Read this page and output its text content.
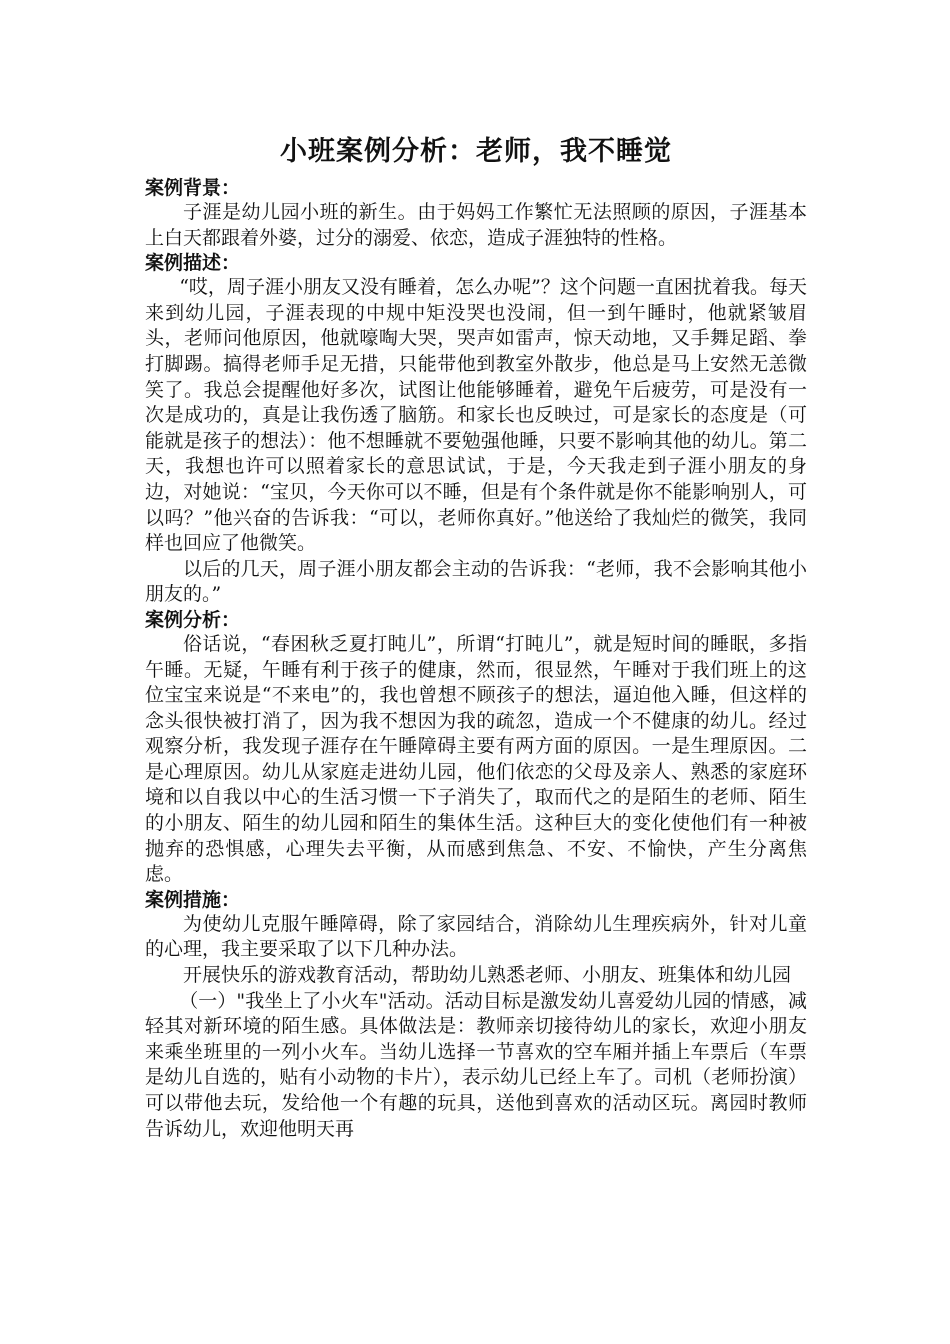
小班案例分析：老师，我不睡觉
案例背景：

子涯是幼儿园小班的新生。由于妈妈工作繁忙无法照顾的原因，子涯基本上白天都跟着外婆，过分的溺爱、依恋，造成子涯独特的性格。

案例描述：

“哎，周子涯小朋友又没有睡着，怎么办呢”？这个问题一直困扰着我。每天来到幼儿园，子涯表现的中规中矩没哭也没闹，但一到午睡时，他就紧皱眉头，老师问他原因，他就嚎啕大哭，哭声如雷声，惊天动地，又手舞足蹈、拳打脚踢。搞得老师手足无措，只能带他到教室外散步，他总是马上安然无恙微笑了。我总会提醒他好多次，试图让他能够睡着，避免午后疲劳，可是没有一次是成功的，真是让我伤透了脑筋。和家长也反映过，可是家长的态度是（可能就是孩子的想法）：他不想睡就不要勉强他睡，只要不影响其他的幼儿。第二天，我想也许可以照着家长的意思试试，于是，今天我走到子涯小朋友的身边，对她说：“宝贝，今天你可以不睡，但是有个条件就是你不能影响别人，可以吗？”他兴奋的告诉我：“可以，老师你真好。”他送给了我灿烂的微笑，我同样也回应了他微笑。

以后的几天，周子涯小朋友都会主动的告诉我：“老师，我不会影响其他小朋友的。”

案例分析：

俗话说，“春困秋乏夏打盹儿”，所谓“打盹儿”，就是短时间的睡眠，多指午睡。无疑，午睡有利于孩子的健康，然而，很显然，午睡对于我们班上的这位宝宝来说是“不来电”的，我也曾想不顾孩子的想法，逼迫他入睡，但这样的念头很快被打消了，因为我不想因为我的疏忽，造成一个不健康的幼儿。经过观察分析，我发现子涯存在午睡障碍主要有两方面的原因。一是生理原因。二是心理原因。幼儿从家庭走进幼儿园，他们依恋的父母及亲人、熟悉的家庭环境和以自我以中心的生活习惯一下子消失了，取而代之的是陌生的老师、陌生的小朋友、陌生的幼儿园和陌生的集体生活。这种巨大的变化使他们有一种被抛弃的恐惧感，心理失去平衡，从而感到焦急、不安、不愉快，产生分离焦虑。

案例措施：

为使幼儿克服午睡障碍，除了家园结合，消除幼儿生理疾病外，针对儿童的心理，我主要采取了以下几种办法。

开展快乐的游戏教育活动，帮助幼儿熟悉老师、小朋友、班集体和幼儿园

（一）"我坐上了小火车"活动。活动目标是激发幼儿喜爱幼儿园的情感，减轻其对新环境的陌生感。具体做法是：教师亲切接待幼儿的家长，欢迎小朋友来乘坐班里的一列小火车。当幼儿选择一节喜欢的空车厢并插上车票后（车票是幼儿自选的，贴有小动物的卡片），表示幼儿已经上车了。司机（老师扮演）可以带他去玩，发给他一个有趣的玩具，送他到喜欢的活动区玩。离园时教师告诉幼儿，欢迎他明天再
